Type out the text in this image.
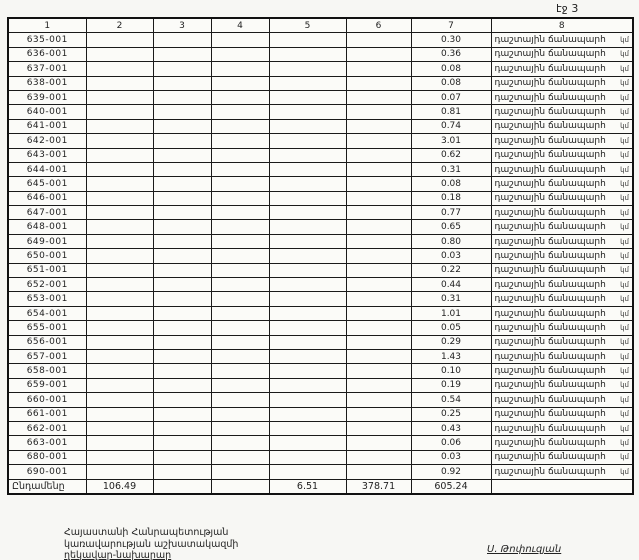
էջ 3
1	2	3	4	5	6	7	8
635-001						0.30	դաշտային ճանապարհ կմ

636-001						0.36	դաշտային ճանապարհ կմ

637-001						0.08	դաշտային ճանապարհ կմ

638-001						0.08	դաշտային ճանապարհ կմ

639-001						0.07	դաշտային ճանապարհ կմ

640-001						0.81	դաշտային ճանապարհ կմ

641-001						0.74	դաշտային ճանապարհ կմ

642-001						3.01	դաշտային ճանապարհ կմ

643-001						0.62	դաշտային ճանապարհ կմ

644-001						0.31	դաշտային ճանապարհ կմ

645-001						0.08	դաշտային ճանապարհ կմ

646-001						0.18	դաշտային ճանապարհ կմ

647-001						0.77	դաշտային ճանապարհ կմ

648-001						0.65	դաշտային ճանապարհ կմ

649-001						0.80	դաշտային ճանապարհ կմ

650-001						0.03	դաշտային ճանապարհ կմ

651-001						0.22	դաշտային ճանապարհ կմ

652-001						0.44	դաշտային ճանապարհ կմ

653-001						0.31	դաշտային ճանապարհ կմ

654-001						1.01	դաշտային ճանապարհ կմ

655-001						0.05	դաշտային ճանապարհ կմ

656-001						0.29	դաշտային ճանապարհ կմ

657-001						1.43	դաշտային ճանապարհ կմ

658-001						0.10	դաշտային ճանապարհ կմ

659-001						0.19	դաշտային ճանապարհ կմ

660-001						0.54	դաշտային ճանապարհ կմ

661-001						0.25	դաշտային ճանապարհ կմ

662-001						0.43	դաշտային ճանապարհ կմ

663-001						0.06	դաշտային ճանապարհ կմ

680-001						0.03	դաշտային ճանապարհ կմ

690-001						0.92	դաշտային ճանապարհ կմ

Ընդամենը	106.49			6.51	378.71	605.24	
Հայաստանի Հանրապետության
կառավարության աշխատակազմի
ղեկավար-նախարար
Ս. Թոփուզյան
